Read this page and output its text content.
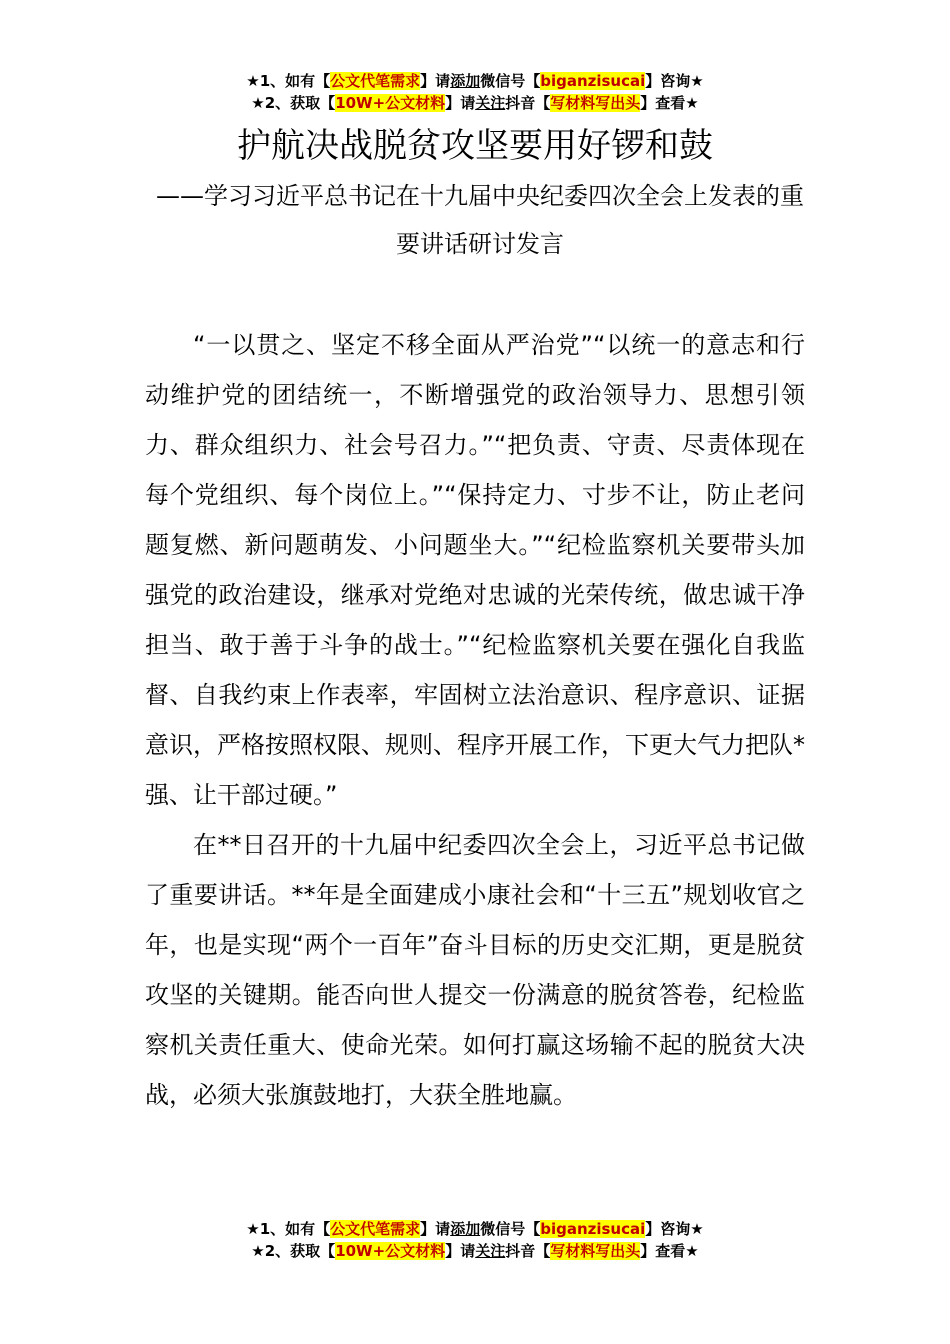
★1、如有【公文代笔需求】请添加微信号【biganzisucai】咨询★
★2、获取【10W+公文材料】请关注抖音【写材料写出头】查看★
护航决战脱贫攻坚要用好锣和鼓
——学习习近平总书记在十九届中央纪委四次全会上发表的重要讲话研讨发言

“一以贯之、坚定不移全面从严治党”“以统一的意志和行动维护党的团结统一，不断增强党的政治领导力、思想引领力、群众组织力、社会号召力。”“把负责、守责、尽责体现在每个党组织、每个岗位上。”“保持定力、寸步不让，防止老问题复燃、新问题萌发、小问题坐大。”“纪检监察机关要带头加强党的政治建设，继承对党绝对忠诚的光荣传统，做忠诚干净担当、敢于善于斗争的战士。”“纪检监察机关要在强化自我监督、自我约束上作表率，牢固树立法治意识、程序意识、证据意识，严格按照权限、规则、程序开展工作，下更大气力把队*强、让干部过硬。”

在**日召开的十九届中纪委四次全会上，习近平总书记做了重要讲话。**年是全面建成小康社会和“十三五”规划收官之年，也是实现“两个一百年”奋斗目标的历史交汇期，更是脱贫攻坚的关键期。能否向世人提交一份满意的脱贫答卷，纪检监察机关责任重大、使命光荣。如何打赢这场输不起的脱贫大决战，必须大张旗鼓地打，大获全胜地赢。

★1、如有【公文代笔需求】请添加微信号【biganzisucai】咨询★
★2、获取【10W+公文材料】请关注抖音【写材料写出头】查看★
